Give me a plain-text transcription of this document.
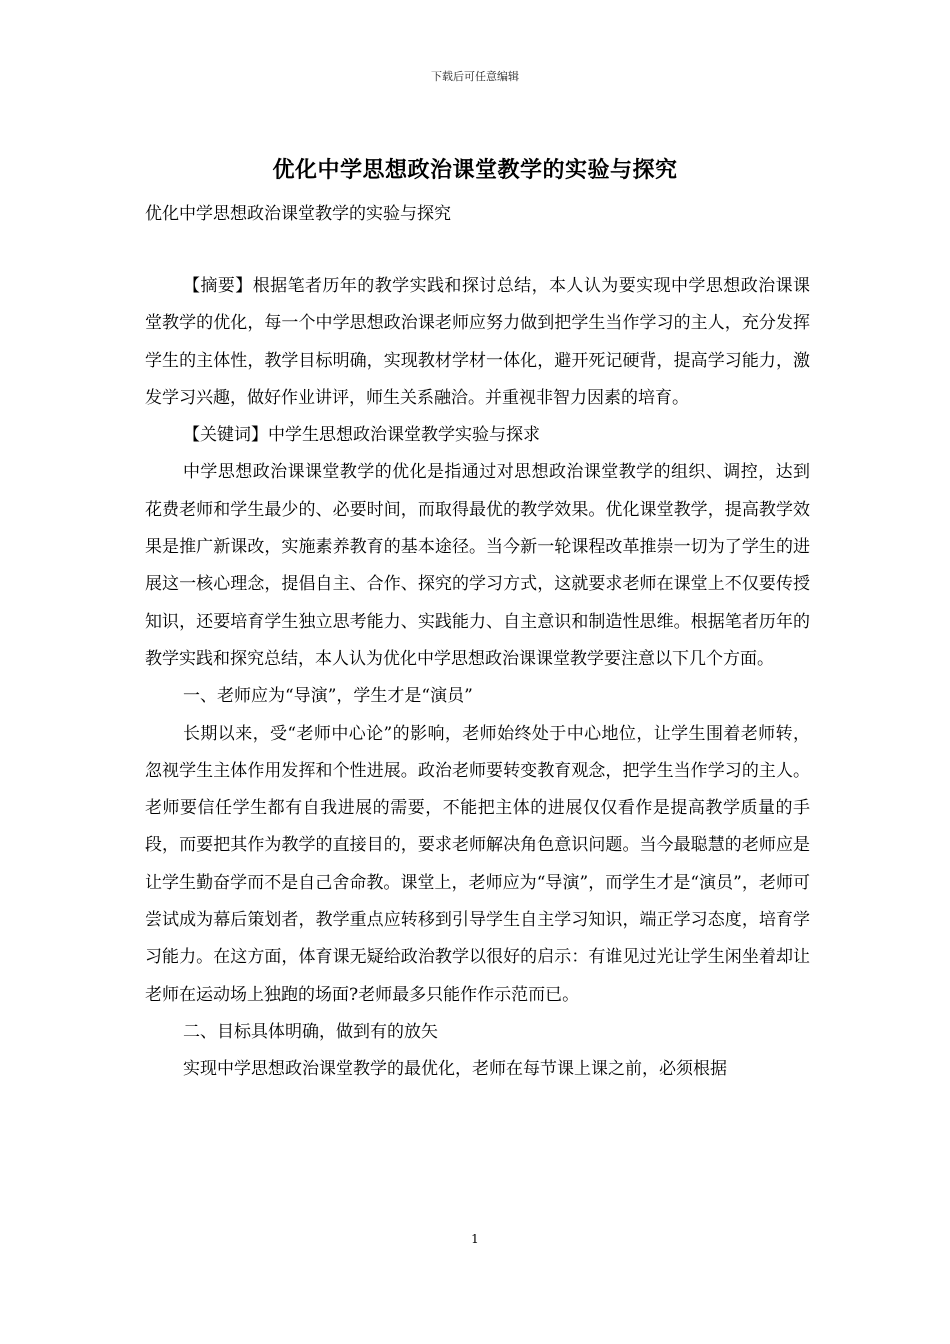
下载后可任意编辑
优化中学思想政治课堂教学的实验与探究
优化中学思想政治课堂教学的实验与探究

【摘要】根据笔者历年的教学实践和探讨总结，本人认为要实现中学思想政治课课堂教学的优化，每一个中学思想政治课老师应努力做到把学生当作学习的主人，充分发挥学生的主体性，教学目标明确，实现教材学材一体化，避开死记硬背，提高学习能力，激发学习兴趣，做好作业讲评，师生关系融洽。并重视非智力因素的培育。

【关键词】中学生思想政治课堂教学实验与探求

中学思想政治课课堂教学的优化是指通过对思想政治课堂教学的组织、调控，达到花费老师和学生最少的、必要时间，而取得最优的教学效果。优化课堂教学，提高教学效果是推广新课改，实施素养教育的基本途径。当今新一轮课程改革推崇一切为了学生的进展这一核心理念，提倡自主、合作、探究的学习方式，这就要求老师在课堂上不仅要传授知识，还要培育学生独立思考能力、实践能力、自主意识和制造性思维。根据笔者历年的教学实践和探究总结，本人认为优化中学思想政治课课堂教学要注意以下几个方面。

一、老师应为“导演”，学生才是“演员”

长期以来，受“老师中心论”的影响，老师始终处于中心地位，让学生围着老师转，忽视学生主体作用发挥和个性进展。政治老师要转变教育观念，把学生当作学习的主人。老师要信任学生都有自我进展的需要，不能把主体的进展仅仅看作是提高教学质量的手段，而要把其作为教学的直接目的，要求老师解决角色意识问题。当今最聪慧的老师应是让学生勤奋学而不是自己舍命教。课堂上，老师应为“导演”，而学生才是“演员”，老师可尝试成为幕后策划者，教学重点应转移到引导学生自主学习知识，端正学习态度，培育学习能力。在这方面，体育课无疑给政治教学以很好的启示：有谁见过光让学生闲坐着却让老师在运动场上独跑的场面?老师最多只能作作示范而已。

二、目标具体明确，做到有的放矢

实现中学思想政治课堂教学的最优化，老师在每节课上课之前，必须根据

1
